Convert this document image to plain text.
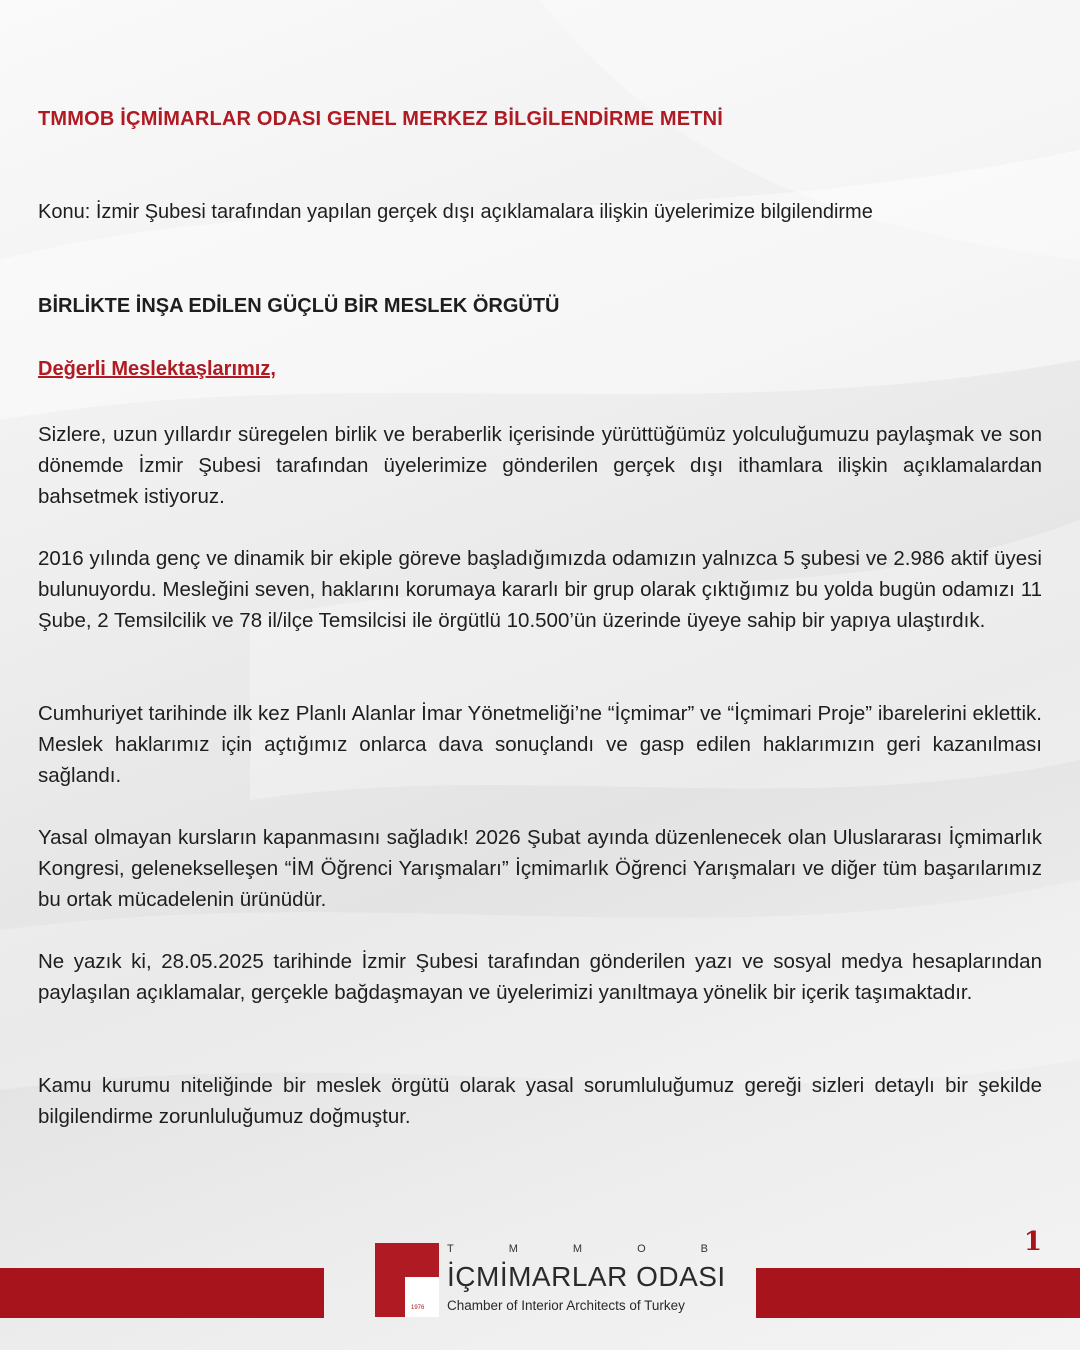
TMMOB İÇMİMARLAR ODASI GENEL MERKEZ BİLGİLENDİRME METNİ
Konu: İzmir Şubesi tarafından yapılan gerçek dışı açıklamalara ilişkin üyelerimize bilgilendirme
BİRLİKTE İNŞA EDİLEN GÜÇLÜ BİR MESLEK ÖRGÜTÜ
Değerli Meslektaşlarımız,

Sizlere, uzun yıllardır süregelen birlik ve beraberlik içerisinde yürüttüğümüz yolculuğumuzu paylaşmak ve son dönemde İzmir Şubesi tarafından üyelerimize gönderilen gerçek dışı ithamlara ilişkin açıklamalardan bahsetmek istiyoruz.

2016 yılında genç ve dinamik bir ekiple göreve başladığımızda odamızın yalnızca 5 şubesi ve 2.986 aktif üyesi bulunuyordu. Mesleğini seven, haklarını korumaya kararlı bir grup olarak çıktığımız bu yolda bugün odamızı 11 Şube, 2 Temsilcilik ve 78 il/ilçe Temsilcisi ile örgütlü 10.500’ün üzerinde üyeye sahip bir yapıya ulaştırdık.

Cumhuriyet tarihinde ilk kez Planlı Alanlar İmar Yönetmeliği’ne “İçmimar” ve “İçmimari Proje” ibarelerini eklettik. Meslek haklarımız için açtığımız onlarca dava sonuçlandı ve gasp edilen haklarımızın geri kazanılması sağlandı.

Yasal olmayan kursların kapanmasını sağladık! 2026 Şubat ayında düzenlenecek olan Uluslararası İçmimarlık Kongresi, gelenekselleşen “İM Öğrenci Yarışmaları” İçmimarlık Öğrenci Yarışmaları ve diğer tüm başarılarımız bu ortak mücadelenin ürünüdür.

Ne yazık ki, 28.05.2025 tarihinde İzmir Şubesi tarafından gönderilen yazı ve sosyal medya hesaplarından paylaşılan açıklamalar, gerçekle bağdaşmayan ve üyelerimizi yanıltmaya yönelik bir içerik taşımaktadır.

Kamu kurumu niteliğinde bir meslek örgütü olarak yasal sorumluluğumuz gereği sizleri detaylı bir şekilde bilgilendirme zorunluluğumuz doğmuştur.

1
1976
T	M	M	O	B
İÇMİMARLAR ODASI
Chamber of Interior Architects of Turkey
